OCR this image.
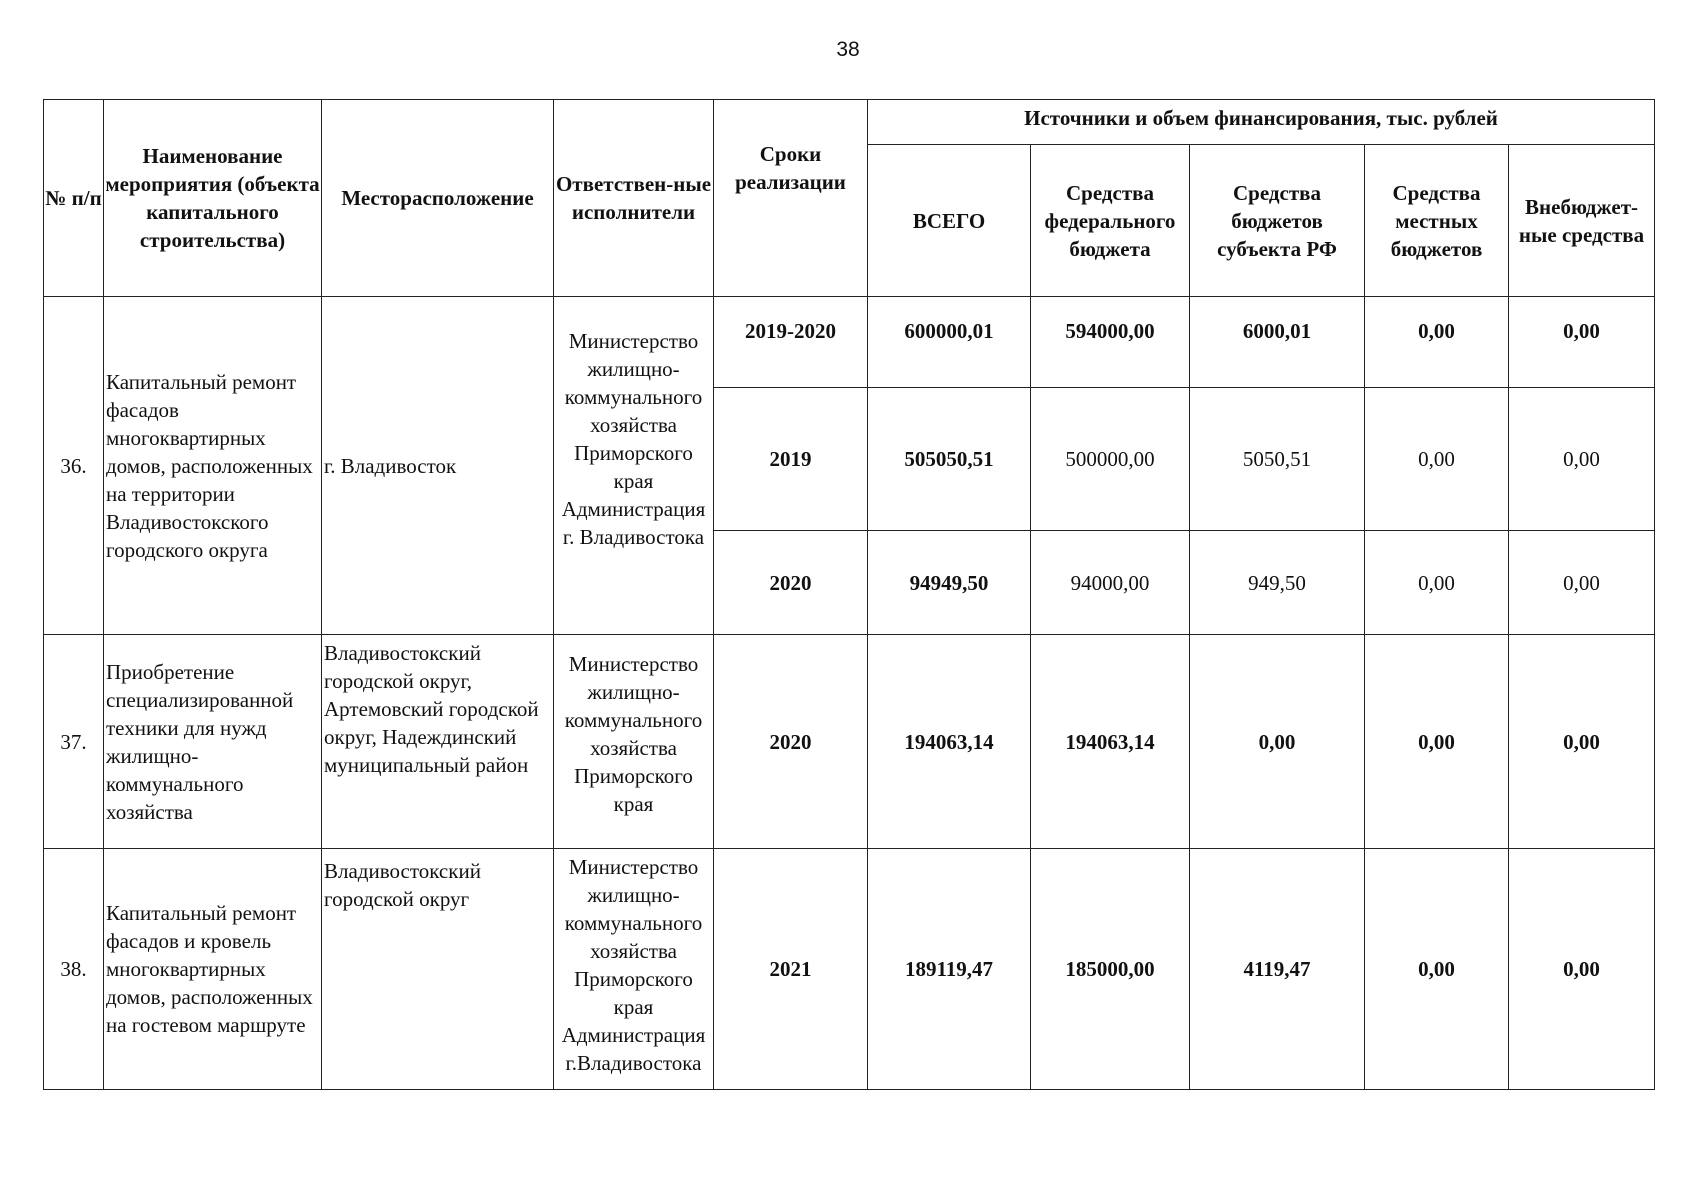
38
№ п/п	Наименование мероприятия (объекта капитального строительства)	Месторасположение	Ответствен-ные исполнители	Сроки реализации	Источники и объем финансирования, тыс. рублей				
					ВСЕГО	Средства федерального бюджета	Средства бюджетов субъекта РФ	Средства местных бюджетов	Внебюджет-ные средства
36.	Капитальный ремонт фасадов многоквартирных домов, расположенных на территории Владивостокского городского округа	г. Владивосток	Министерство жилищно-коммунального хозяйства Приморского края Администрация г. Владивостока	2019-2020	600000,01	594000,00	6000,01	0,00	0,00
				2019	505050,51	500000,00	5050,51	0,00	0,00
				2020	94949,50	94000,00	949,50	0,00	0,00
37.	Приобретение специализированной техники для нужд жилищно-коммунального хозяйства	Владивостокский городской округ, Артемовский городской округ, Надеждинский муниципальный район	Министерство жилищно-коммунального хозяйства Приморского края	2020	194063,14	194063,14	0,00	0,00	0,00
38.	Капитальный ремонт фасадов и кровель многоквартирных домов, расположенных на гостевом маршруте	Владивостокский городской округ	Министерство жилищно-коммунального хозяйства Приморского края Администрация г.Владивостока	2021	189119,47	185000,00	4119,47	0,00	0,00
